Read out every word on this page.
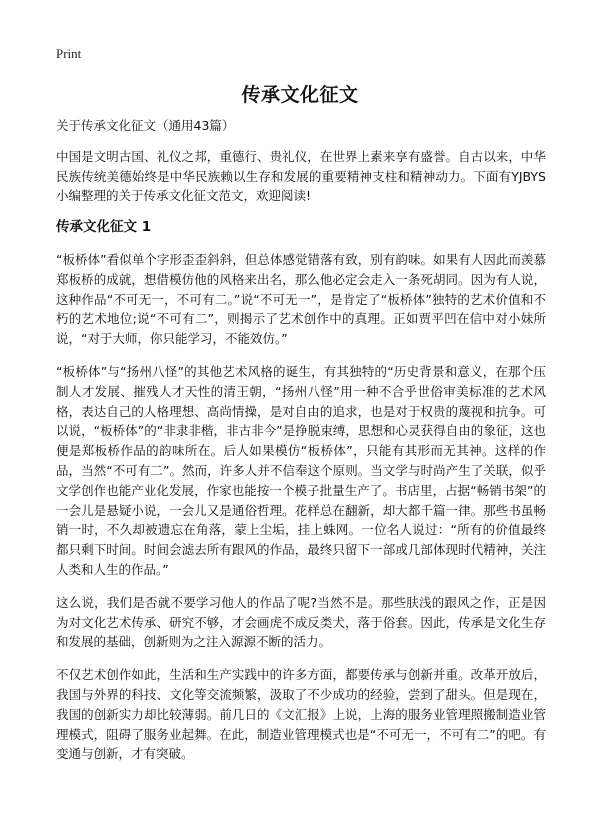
Print
传承文化征文

关于传承文化征文（通用43篇）

中国是文明古国、礼仪之邦，重德行、贵礼仪，在世界上素来享有盛誉。自古以来，中华民族传统美德始终是中华民族赖以生存和发展的重要精神支柱和精神动力。下面有YJBYS小编整理的关于传承文化征文范文，欢迎阅读!

传承文化征文 1

“板桥体”看似单个字形歪歪斜斜，但总体感觉错落有致，别有韵味。如果有人因此而羡慕郑板桥的成就，想借模仿他的风格来出名，那么他必定会走入一条死胡同。因为有人说，这种作品“不可无一，不可有二。”说“不可无一”，是肯定了“板桥体”独特的艺术价值和不朽的艺术地位;说“不可有二”，则揭示了艺术创作中的真理。正如贾平凹在信中对小妹所说，“对于大师，你只能学习，不能效仿。”

“板桥体”与“扬州八怪”的其他艺术风格的诞生，有其独特的“历史背景和意义，在那个压制人才发展、摧残人才天性的清王朝，“扬州八怪”用一种不合乎世俗审美标准的艺术风格，表达自己的人格理想、高尚情操，是对自由的追求，也是对于权贵的蔑视和抗争。可以说，“板桥体”的“非隶非楷，非古非今”是挣脱束缚，思想和心灵获得自由的象征，这也便是郑板桥作品的韵味所在。后人如果模仿“板桥体”，只能有其形而无其神。这样的作品，当然“不可有二”。然而，许多人并不信奉这个原则。当文学与时尚产生了关联，似乎文学创作也能产业化发展，作家也能按一个模子批量生产了。书店里，占据“畅销书架”的一会儿是悬疑小说，一会儿又是通俗哲理。花样总在翻新，却大都千篇一律。那些书虽畅销一时，不久却被遗忘在角落，蒙上尘垢，挂上蛛网。一位名人说过：“所有的价值最终都只剩下时间。时间会滤去所有跟风的作品，最终只留下一部或几部体现时代精神，关注人类和人生的作品。”

这么说，我们是否就不要学习他人的作品了呢?当然不是。那些肤浅的跟风之作，正是因为对文化艺术传承、研究不够，才会画虎不成反类犬，落于俗套。因此，传承是文化生存和发展的基础，创新则为之注入源源不断的活力。

不仅艺术创作如此，生活和生产实践中的许多方面，都要传承与创新并重。改革开放后，我国与外界的科技、文化等交流频繁，汲取了不少成功的经验，尝到了甜头。但是现在，我国的创新实力却比较薄弱。前几日的《文汇报》上说，上海的服务业管理照搬制造业管理模式，阻碍了服务业起舞。在此，制造业管理模式也是“不可无一，不可有二”的吧。有变通与创新，才有突破。
